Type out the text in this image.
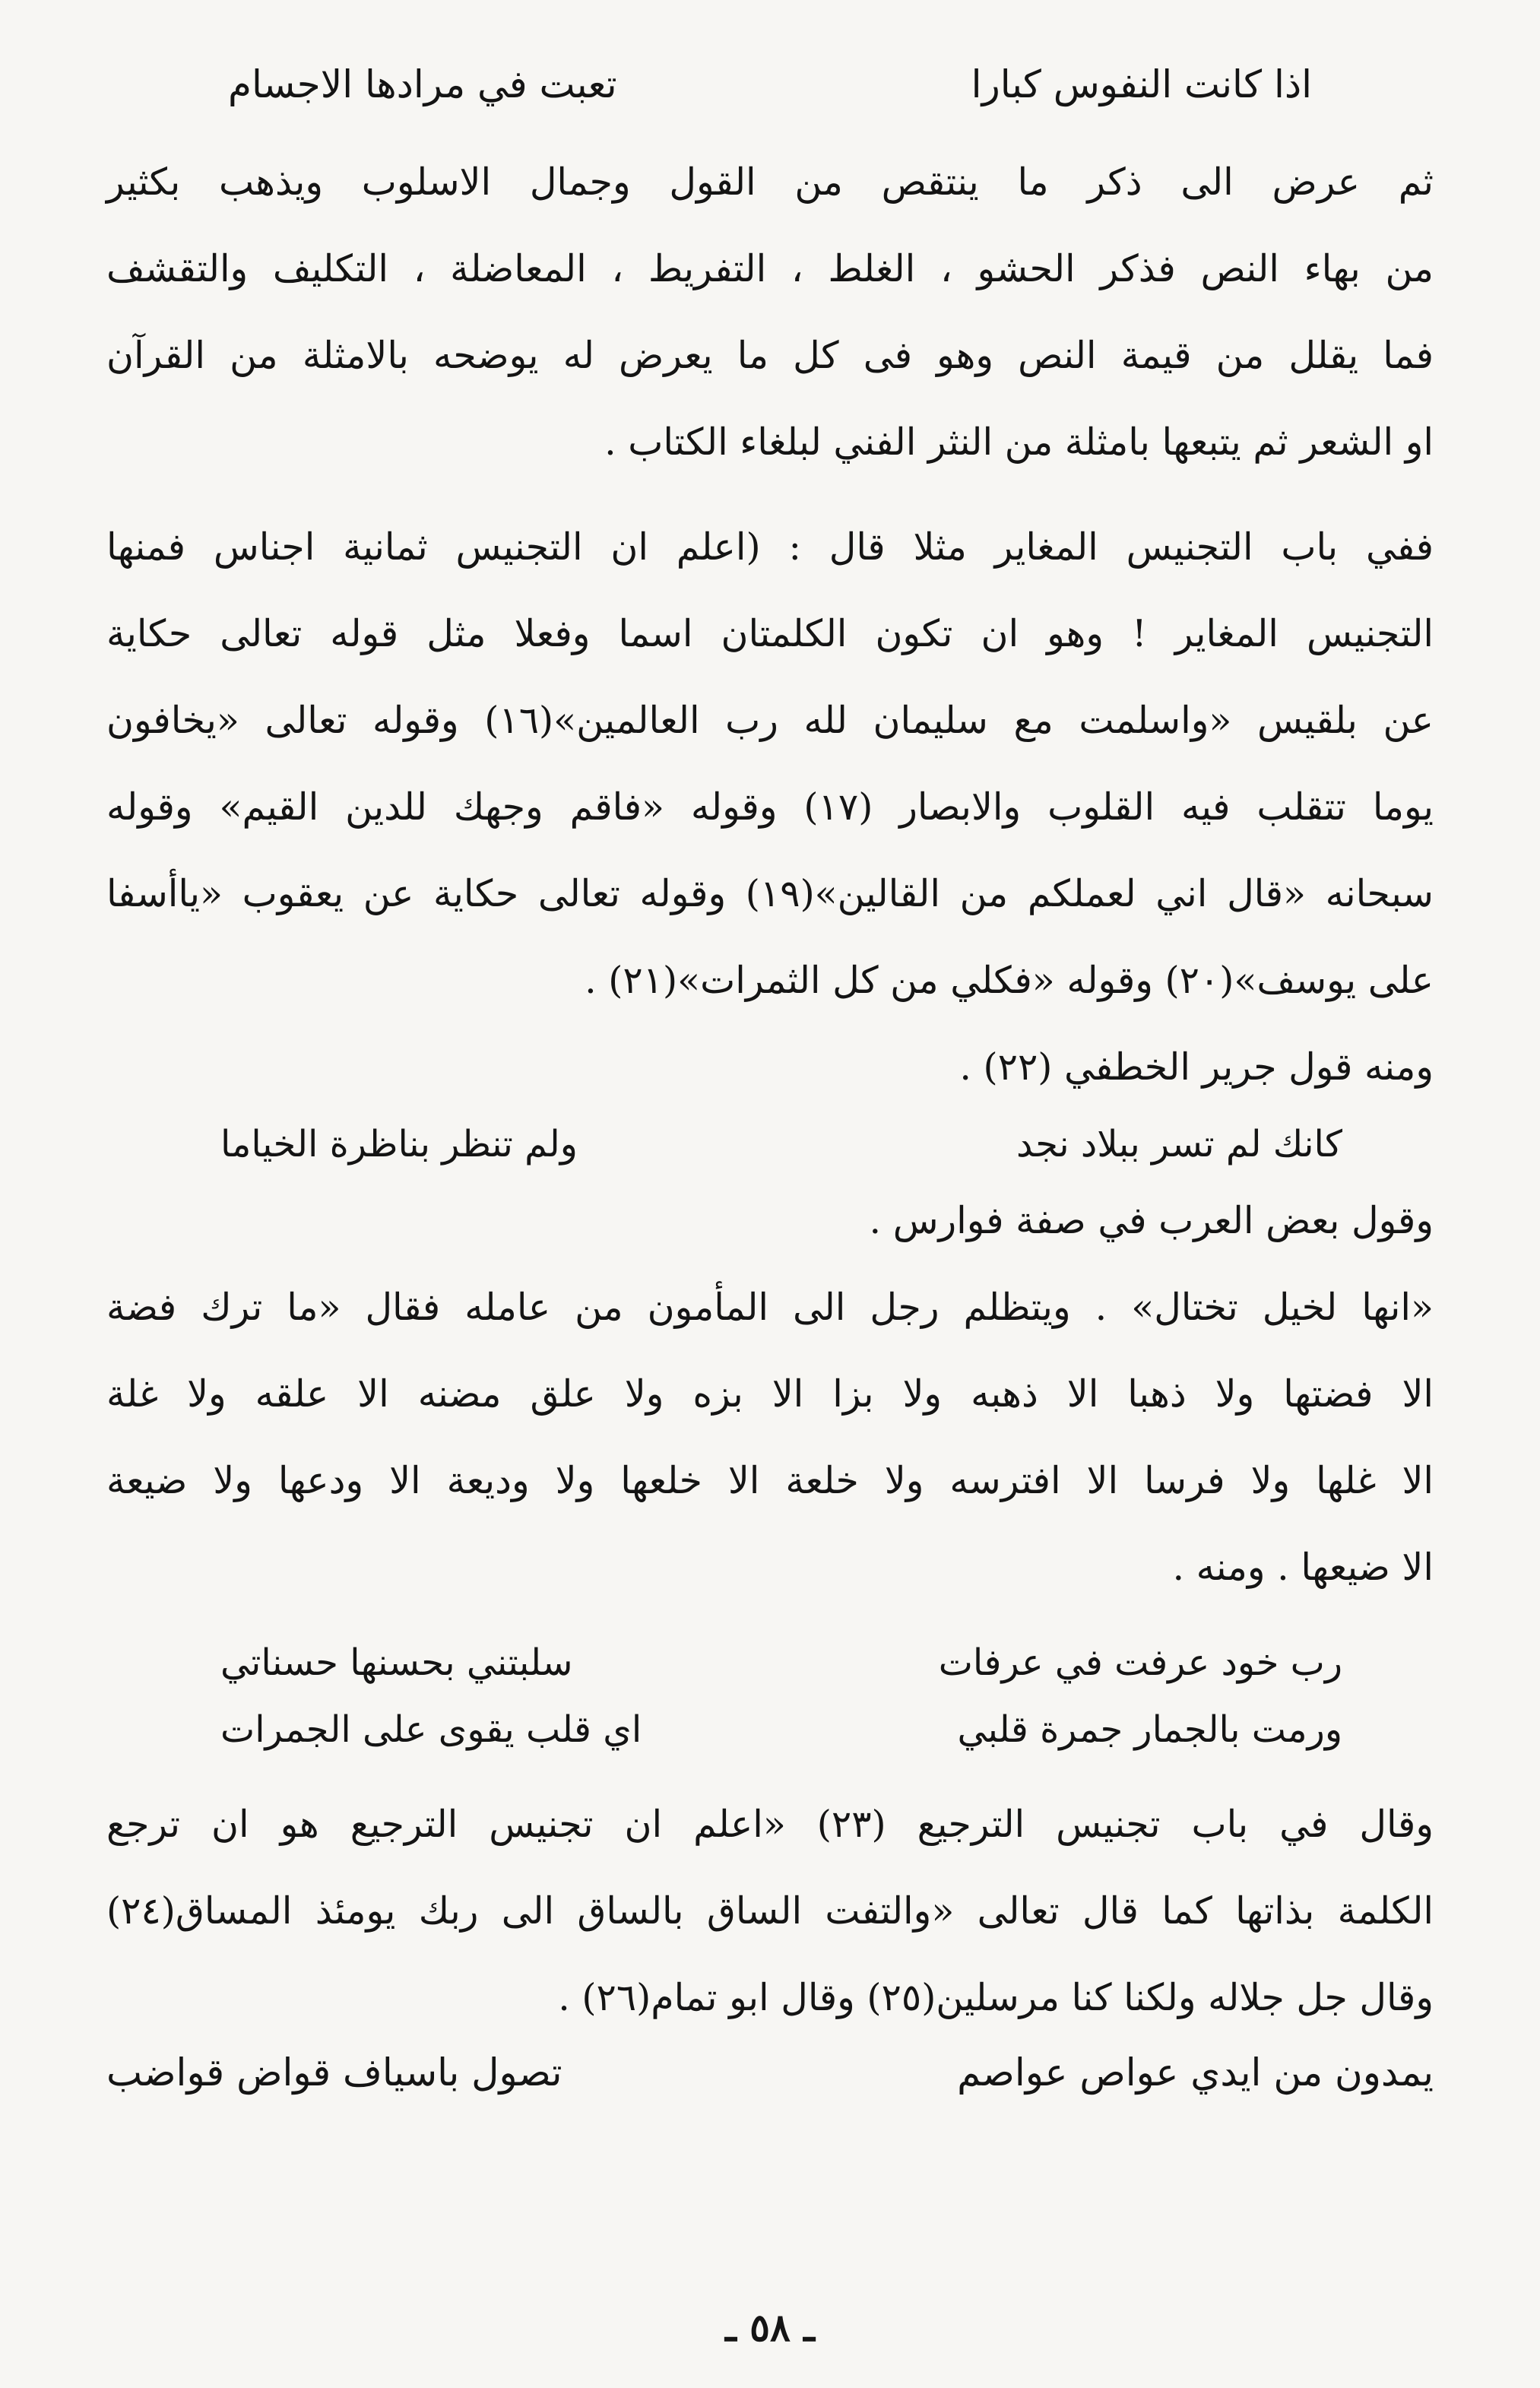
اذا كانت النفوس كبارا
تعبت في مرادها الاجسام

ثم عرض الى ذكر ما ينتقص من القول وجمال الاسلوب ويذهب بكثير
من بهاء النص فذكر الحشو ، الغلط ، التفريط ، المعاضلة ، التكليف والتقشف
فما يقلل من قيمة النص وهو فى كل ما يعرض له يوضحه بالامثلة من القرآن
او الشعر ثم يتبعها بامثلة من النثر الفني لبلغاء الكتاب .

ففي باب التجنيس المغاير مثلا قال : (اعلم ان التجنيس ثمانية اجناس فمنها
التجنيس المغاير ! وهو ان تكون الكلمتان اسما وفعلا مثل قوله تعالى حكاية
عن بلقيس «واسلمت مع سليمان لله رب العالمين»(١٦) وقوله تعالى «يخافون
يوما تتقلب فيه القلوب والابصار (١٧) وقوله «فاقم وجهك للدين القيم» وقوله
سبحانه «قال اني لعملكم من القالين»(١٩) وقوله تعالى حكاية عن يعقوب «ياأسفا
على يوسف»(٢٠) وقوله «فكلي من كل الثمرات»(٢١) .

ومنه قول جرير الخطفي (٢٢) .

كانك لم تسر ببلاد نجد
ولم تنظر بناظرة الخياما

وقول بعض العرب في صفة فوارس .

«انها لخيل تختال» . ويتظلم رجل الى المأمون من عامله فقال «ما ترك فضة
الا فضتها ولا ذهبا الا ذهبه ولا بزا الا بزه ولا علق مضنه الا علقه ولا غلة
الا غلها ولا فرسا الا افترسه ولا خلعة الا خلعها ولا وديعة الا ودعها ولا ضيعة
الا ضيعها . ومنه .

رب خود عرفت في عرفات
سلبتني بحسنها حسناتي
ورمت بالجمار جمرة قلبي
اي قلب يقوى على الجمرات

وقال في باب تجنيس الترجيع (٢٣) «اعلم ان تجنيس الترجيع هو ان ترجع
الكلمة بذاتها كما قال تعالى «والتفت الساق بالساق الى ربك يومئذ المساق(٢٤)
وقال جل جلاله ولكنا كنا مرسلين(٢٥) وقال ابو تمام(٢٦) .

يمدون من ايدي عواص عواصم
تصول باسياف قواض قواضب
ـ ٥٨ ـ
